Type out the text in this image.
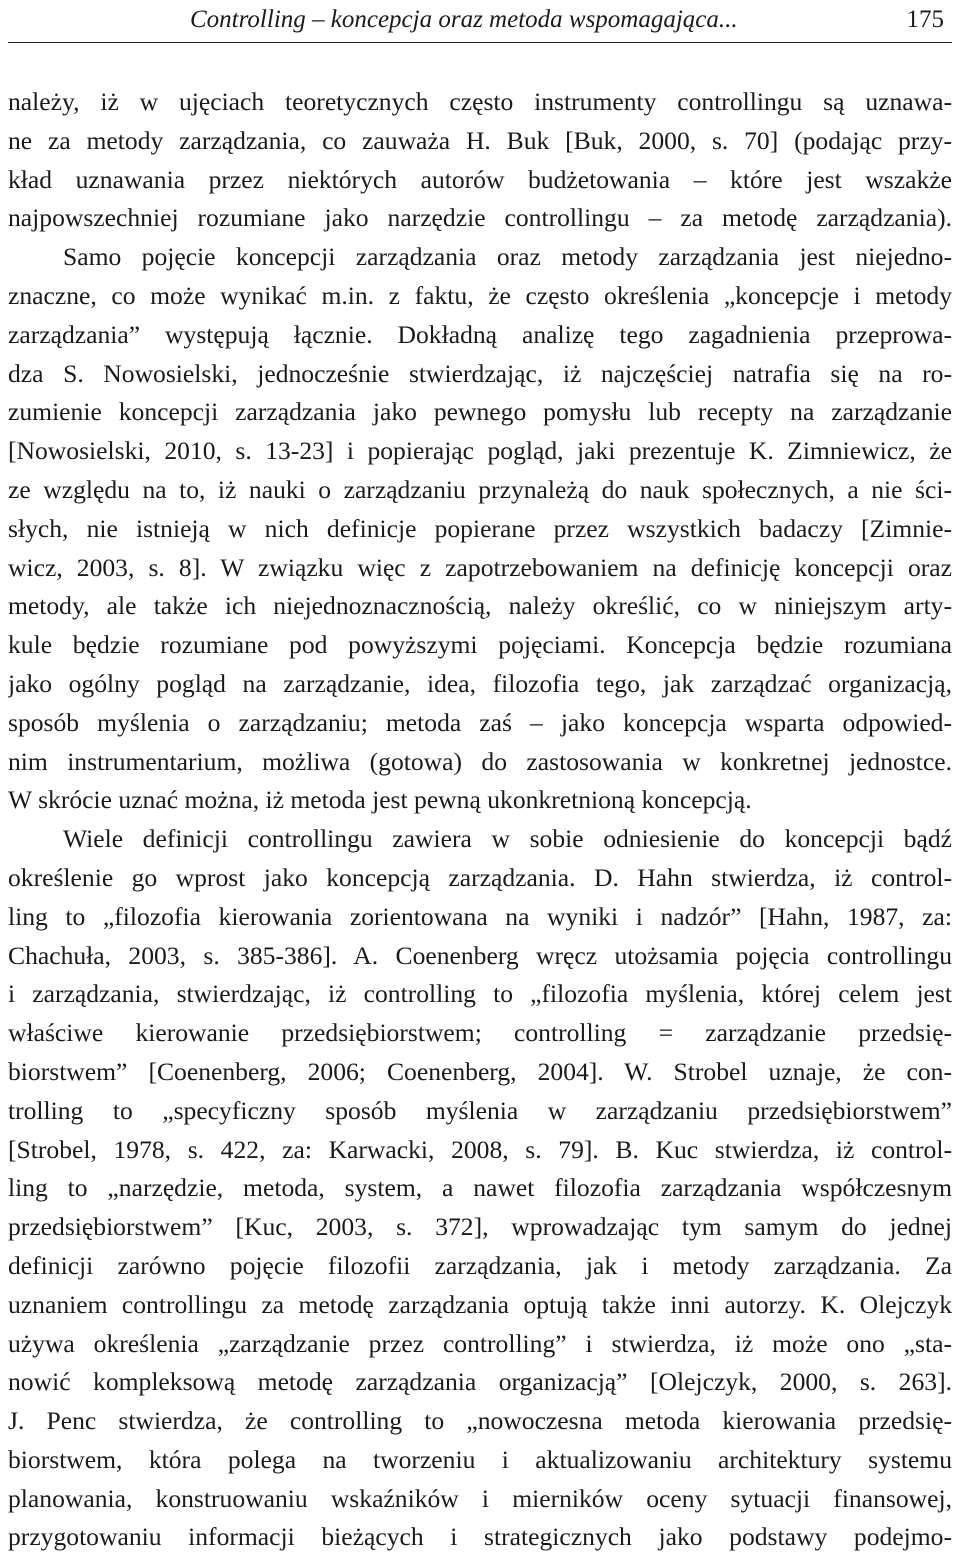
Controlling – koncepcja oraz metoda wspomagająca...	175
należy, iż w ujęciach teoretycznych często instrumenty controllingu są uznawa-
ne za metody zarządzania, co zauważa H. Buk [Buk, 2000, s. 70] (podając przy-
kład uznawania przez niektórych autorów budżetowania – które jest wszakże
najpowszechniej rozumiane jako narzędzie controllingu – za metodę zarządzania).
Samo pojęcie koncepcji zarządzania oraz metody zarządzania jest niejedno-
znaczne, co może wynikać m.in. z faktu, że często określenia „koncepcje i metody
zarządzania” występują łącznie. Dokładną analizę tego zagadnienia przeprowa-
dza S. Nowosielski, jednocześnie stwierdzając, iż najczęściej natrafia się na ro-
zumienie koncepcji zarządzania jako pewnego pomysłu lub recepty na zarządzanie
[Nowosielski, 2010, s. 13-23] i popierając pogląd, jaki prezentuje K. Zimniewicz, że
ze względu na to, iż nauki o zarządzaniu przynależą do nauk społecznych, a nie ści-
słych, nie istnieją w nich definicje popierane przez wszystkich badaczy [Zimnie-
wicz, 2003, s. 8]. W związku więc z zapotrzebowaniem na definicję koncepcji oraz
metody, ale także ich niejednoznacznością, należy określić, co w niniejszym arty-
kule będzie rozumiane pod powyższymi pojęciami. Koncepcja będzie rozumiana
jako ogólny pogląd na zarządzanie, idea, filozofia tego, jak zarządzać organizacją,
sposób myślenia o zarządzaniu; metoda zaś – jako koncepcja wsparta odpowied-
nim instrumentarium, możliwa (gotowa) do zastosowania w konkretnej jednostce.
W skrócie uznać można, iż metoda jest pewną ukonkretnioną koncepcją.
Wiele definicji controllingu zawiera w sobie odniesienie do koncepcji bądź
określenie go wprost jako koncepcją zarządzania. D. Hahn stwierdza, iż control-
ling to „filozofia kierowania zorientowana na wyniki i nadzór” [Hahn, 1987, za:
Chachuła, 2003, s. 385-386]. A. Coenenberg wręcz utożsamia pojęcia controllingu
i zarządzania, stwierdzając, iż controlling to „filozofia myślenia, której celem jest
właściwe kierowanie przedsiębiorstwem; controlling = zarządzanie przedsię-
biorstwem” [Coenenberg, 2006; Coenenberg, 2004]. W. Strobel uznaje, że con-
trolling to „specyficzny sposób myślenia w zarządzaniu przedsiębiorstwem”
[Strobel, 1978, s. 422, za: Karwacki, 2008, s. 79]. B. Kuc stwierdza, iż control-
ling to „narzędzie, metoda, system, a nawet filozofia zarządzania współczesnym
przedsiębiorstwem” [Kuc, 2003, s. 372], wprowadzając tym samym do jednej
definicji zarówno pojęcie filozofii zarządzania, jak i metody zarządzania. Za
uznaniem controllingu za metodę zarządzania optują także inni autorzy. K. Olejczyk
używa określenia „zarządzanie przez controlling” i stwierdza, iż może ono „sta-
nowić kompleksową metodę zarządzania organizacją” [Olejczyk, 2000, s. 263].
J. Penc stwierdza, że controlling to „nowoczesna metoda kierowania przedsię-
biorstwem, która polega na tworzeniu i aktualizowaniu architektury systemu
planowania, konstruowaniu wskaźników i mierników oceny sytuacji finansowej,
przygotowaniu informacji bieżących i strategicznych jako podstawy podejmo-
